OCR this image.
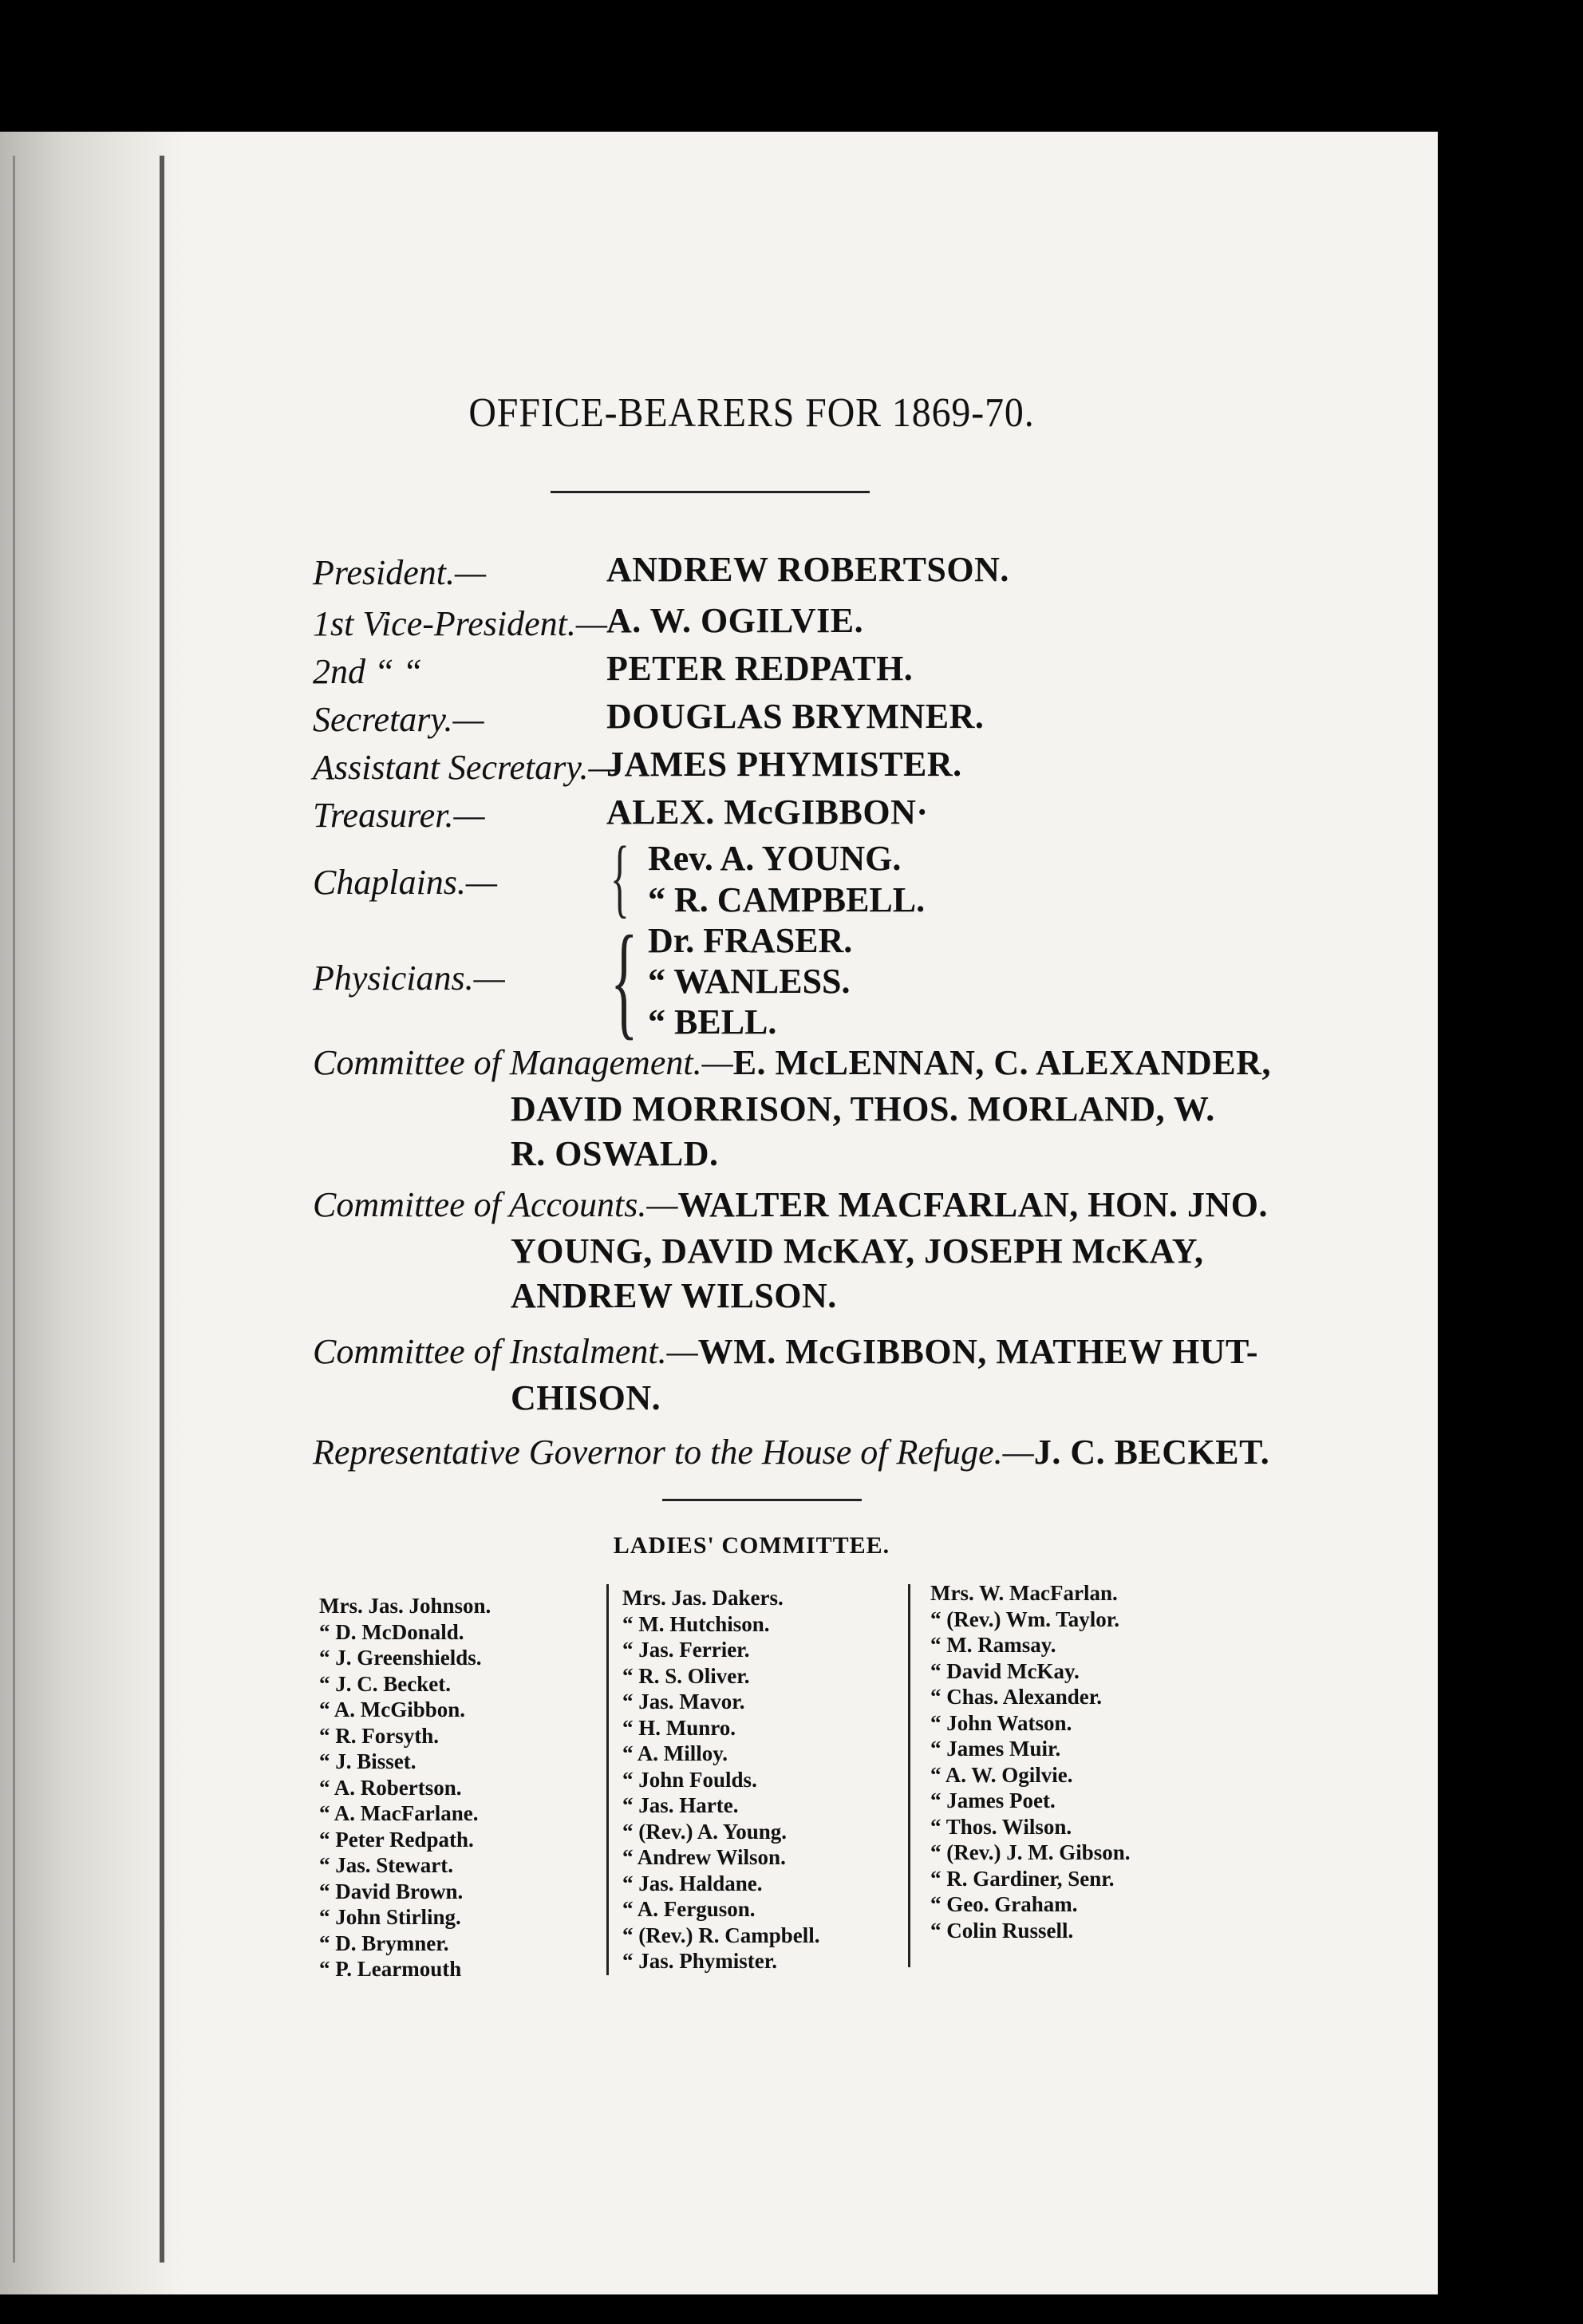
OFFICE-BEARERS FOR 1869-70.
President.—	ANDREW ROBERTSON.
1st Vice-President.—
A. W. OGILVIE.
2nd “ “	PETER REDPATH.
Secretary.—	DOUGLAS BRYMNER.
Assistant Secretary.—
JAMES PHYMISTER.
Treasurer.—	ALEX. McGIBBON·
Chaplains.— { Rev. A. YOUNG.
“ R. CAMPBELL.
Physicians.— { Dr. FRASER.
“ WANLESS.
“ BELL.
Committee of Management.—E. McLENNAN, C. ALEXANDER,
DAVID MORRISON, THOS. MORLAND, W.
R. OSWALD.
Committee of Accounts.—WALTER MACFARLAN, HON. JNO.
YOUNG, DAVID McKAY, JOSEPH McKAY,
ANDREW WILSON.
Committee of Instalment.—WM. McGIBBON, MATHEW HUT-
CHISON.
Representative Governor to the House of Refuge.—J. C. BECKET.
LADIES' COMMITTEE.
Mrs. Jas. Johnson.
“ D. McDonald.
“ J. Greenshields.
“ J. C. Becket.
“ A. McGibbon.
“ R. Forsyth.
“ J. Bisset.
“ A. Robertson.
“ A. MacFarlane.
“ Peter Redpath.
“ Jas. Stewart.
“ David Brown.
“ John Stirling.
“ D. Brymner.
“ P. Learmouth
Mrs. Jas. Dakers.
“ M. Hutchison.
“ Jas. Ferrier.
“ R. S. Oliver.
“ Jas. Mavor.
“ H. Munro.
“ A. Milloy.
“ John Foulds.
“ Jas. Harte.
“ (Rev.) A. Young.
“ Andrew Wilson.
“ Jas. Haldane.
“ A. Ferguson.
“ (Rev.) R. Campbell.
“ Jas. Phymister.
Mrs. W. MacFarlan.
“ (Rev.) Wm. Taylor.
“ M. Ramsay.
“ David McKay.
“ Chas. Alexander.
“ John Watson.
“ James Muir.
“ A. W. Ogilvie.
“ James Poet.
“ Thos. Wilson.
“ (Rev.) J. M. Gibson.
“ R. Gardiner, Senr.
“ Geo. Graham.
“ Colin Russell.
